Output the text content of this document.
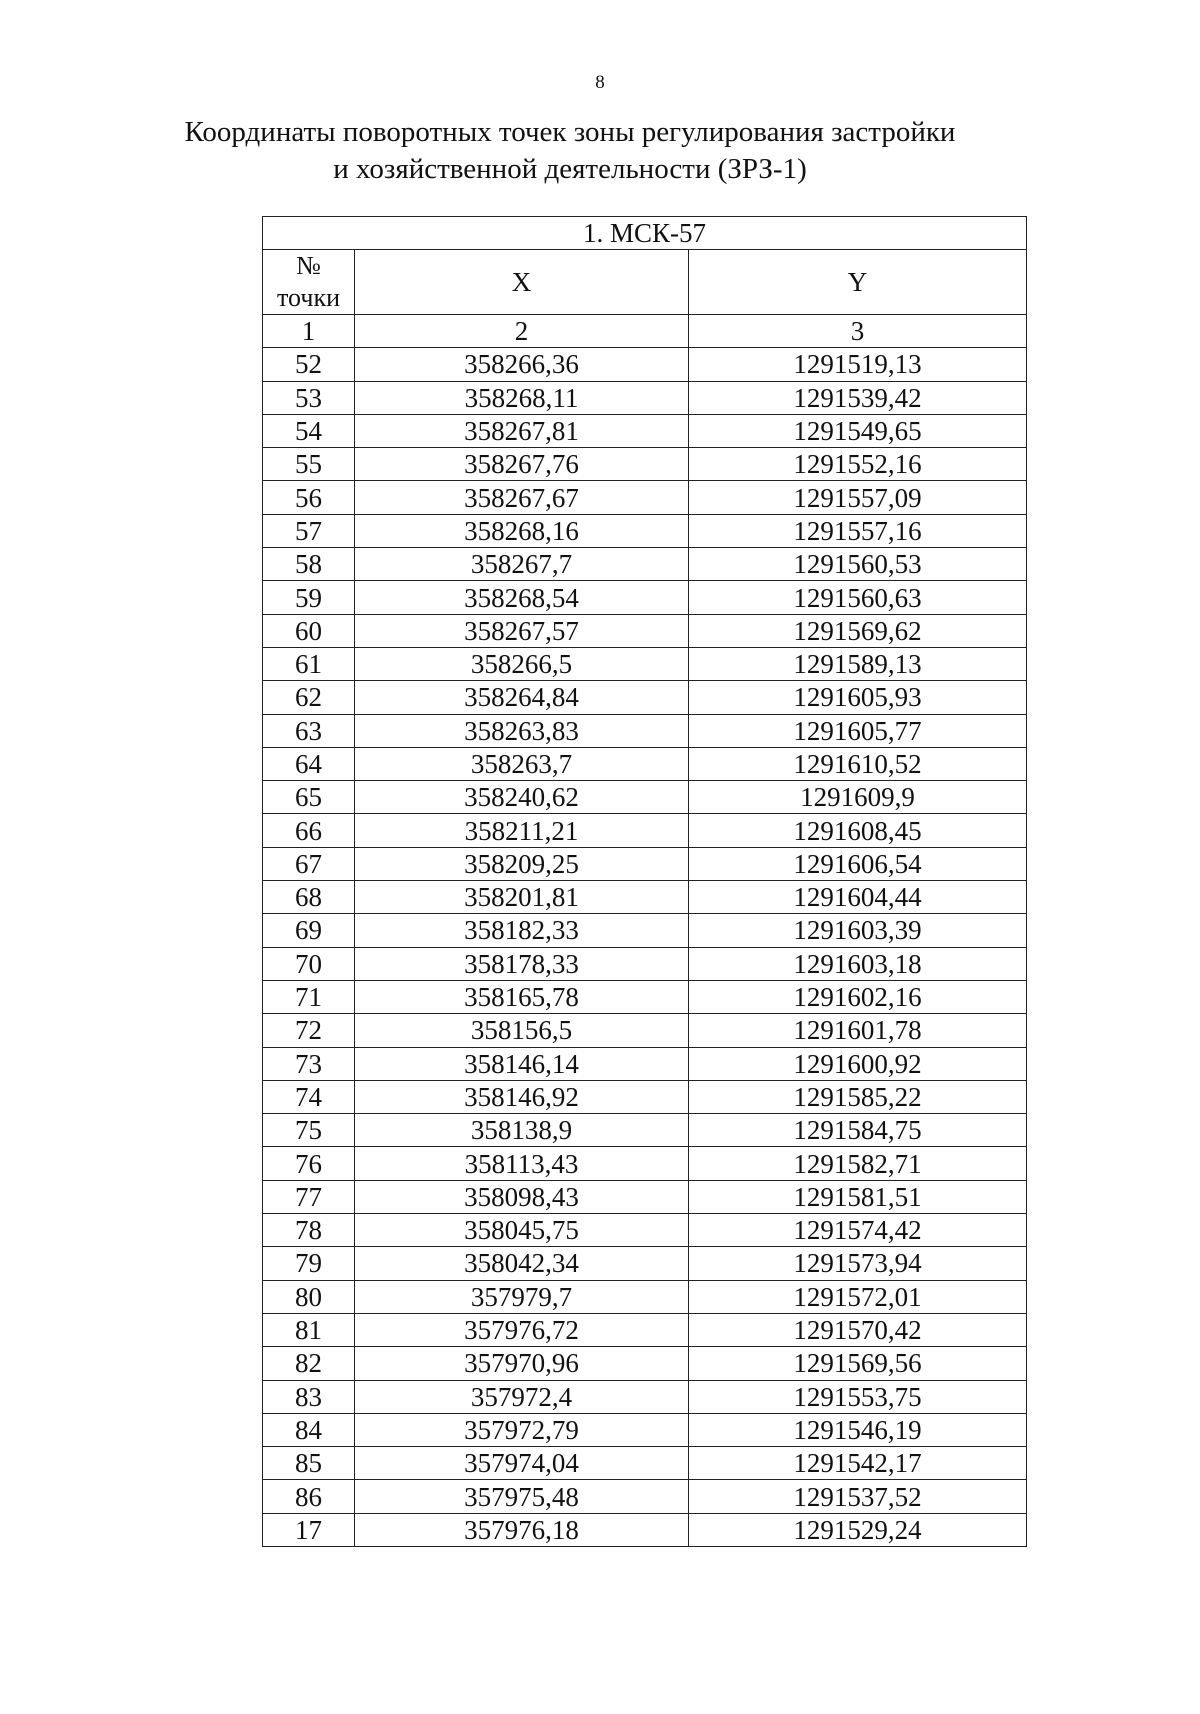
8
Координаты поворотных точек зоны регулирования застройки
и хозяйственной деятельности (ЗРЗ-1)
1. МСК-57		
№ точки	X	Y
1	2	3
52	358266,36	1291519,13
53	358268,11	1291539,42
54	358267,81	1291549,65
55	358267,76	1291552,16
56	358267,67	1291557,09
57	358268,16	1291557,16
58	358267,7	1291560,53
59	358268,54	1291560,63
60	358267,57	1291569,62
61	358266,5	1291589,13
62	358264,84	1291605,93
63	358263,83	1291605,77
64	358263,7	1291610,52
65	358240,62	1291609,9
66	358211,21	1291608,45
67	358209,25	1291606,54
68	358201,81	1291604,44
69	358182,33	1291603,39
70	358178,33	1291603,18
71	358165,78	1291602,16
72	358156,5	1291601,78
73	358146,14	1291600,92
74	358146,92	1291585,22
75	358138,9	1291584,75
76	358113,43	1291582,71
77	358098,43	1291581,51
78	358045,75	1291574,42
79	358042,34	1291573,94
80	357979,7	1291572,01
81	357976,72	1291570,42
82	357970,96	1291569,56
83	357972,4	1291553,75
84	357972,79	1291546,19
85	357974,04	1291542,17
86	357975,48	1291537,52
17	357976,18	1291529,24
